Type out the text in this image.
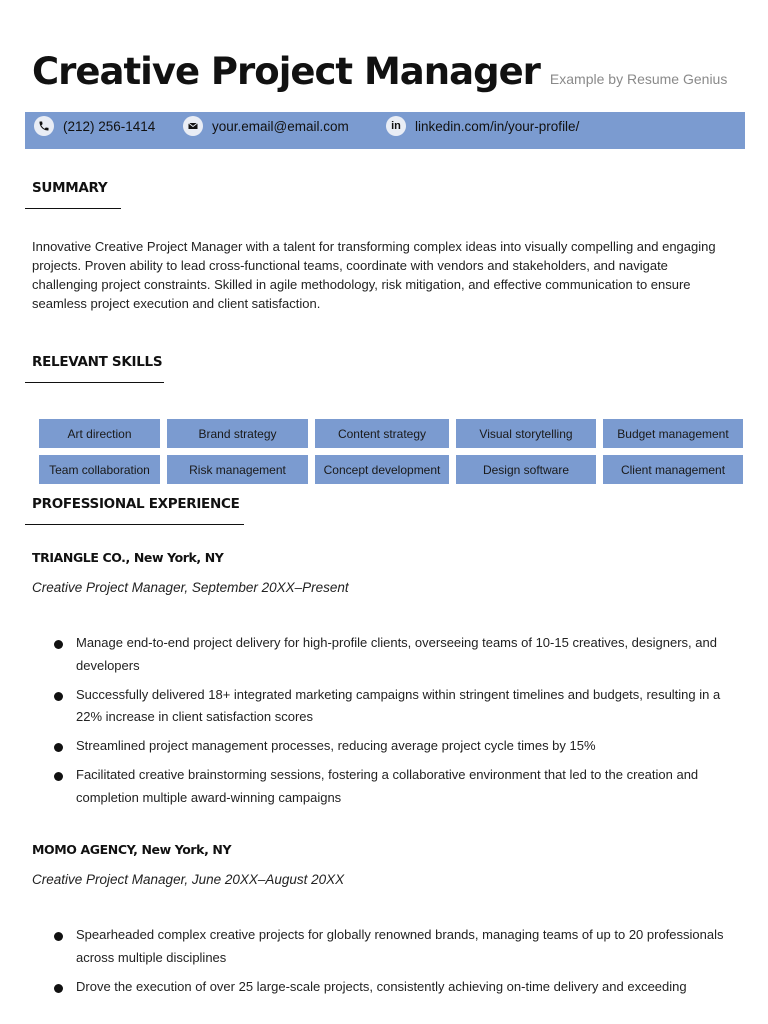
Creative Project Manager Example by Resume Genius
(212) 256-1414	your.email@email.com	in	linkedin.com/in/your-profile/
SUMMARY

Innovative Creative Project Manager with a talent for transforming complex ideas into visually compelling and engaging projects. Proven ability to lead cross-functional teams, coordinate with vendors and stakeholders, and navigate challenging project constraints. Skilled in agile methodology, risk mitigation, and effective communication to ensure seamless project execution and client satisfaction.

RELEVANT SKILLS
Art direction	Brand strategy	Content strategy	Visual storytelling	Budget management
Team collaboration	Risk management	Concept development	Design software	Client management
PROFESSIONAL EXPERIENCE
TRIANGLE CO., New York, NY
Creative Project Manager, September 20XX–Present
Manage end-to-end project delivery for high-profile clients, overseeing teams of 10-15 creatives, designers, and developers
Successfully delivered 18+ integrated marketing campaigns within stringent timelines and budgets, resulting in a 22% increase in client satisfaction scores
Streamlined project management processes, reducing average project cycle times by 15%
Facilitated creative brainstorming sessions, fostering a collaborative environment that led to the creation and completion multiple award-winning campaigns
MOMO AGENCY, New York, NY
Creative Project Manager, June 20XX–August 20XX
Spearheaded complex creative projects for globally renowned brands, managing teams of up to 20 professionals across multiple disciplines
Drove the execution of over 25 large-scale projects, consistently achieving on-time delivery and exceeding
